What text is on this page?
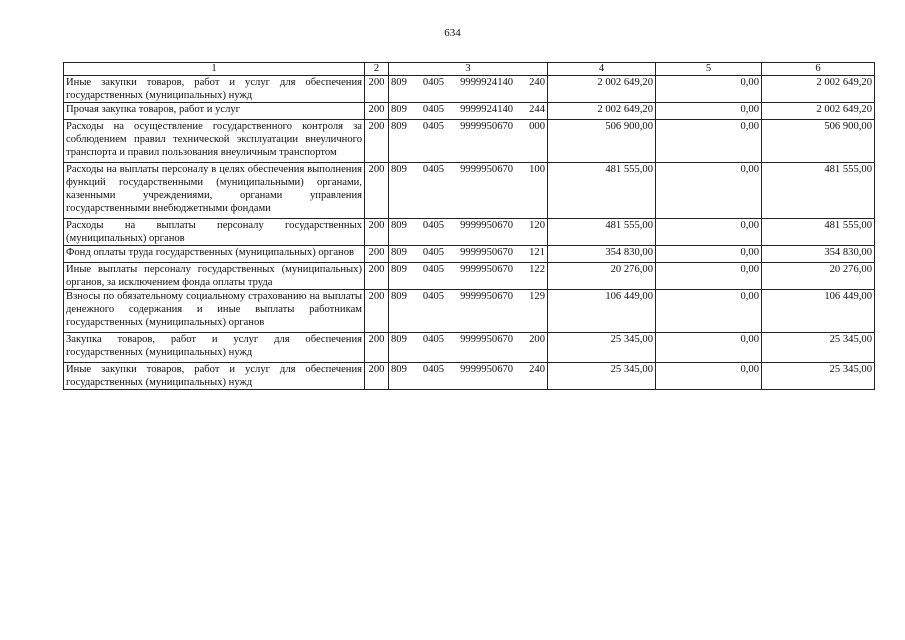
634
1	2	3	4	5	6
Иные закупки товаров, работ и услуг для обеспечения государственных (муниципальных) нужд	200	809 0405 9999924140 240	2 002 649,20	0,00	2 002 649,20
Прочая закупка товаров, работ и услуг	200	809 0405 9999924140 244	2 002 649,20	0,00	2 002 649,20
Расходы на осуществление государственного контроля за соблюдением правил технической эксплуатации внеуличного транспорта и правил пользования внеуличным транспортом	200	809 0405 9999950670 000	506 900,00	0,00	506 900,00
Расходы на выплаты персоналу в целях обеспечения выполнения функций государственными (муниципальными) органами, казенными учреждениями, органами управления государственными внебюджетными фондами	200	809 0405 9999950670 100	481 555,00	0,00	481 555,00
Расходы на выплаты персоналу государственных (муниципальных) органов	200	809 0405 9999950670 120	481 555,00	0,00	481 555,00
Фонд оплаты труда государственных (муниципальных) органов	200	809 0405 9999950670 121	354 830,00	0,00	354 830,00
Иные выплаты персоналу государственных (муниципальных) органов, за исключением фонда оплаты труда	200	809 0405 9999950670 122	20 276,00	0,00	20 276,00
Взносы по обязательному социальному страхованию на выплаты денежного содержания и иные выплаты работникам государственных (муниципальных) органов	200	809 0405 9999950670 129	106 449,00	0,00	106 449,00
Закупка товаров, работ и услуг для обеспечения государственных (муниципальных) нужд	200	809 0405 9999950670 200	25 345,00	0,00	25 345,00
Иные закупки товаров, работ и услуг для обеспечения государственных (муниципальных) нужд	200	809 0405 9999950670 240	25 345,00	0,00	25 345,00
